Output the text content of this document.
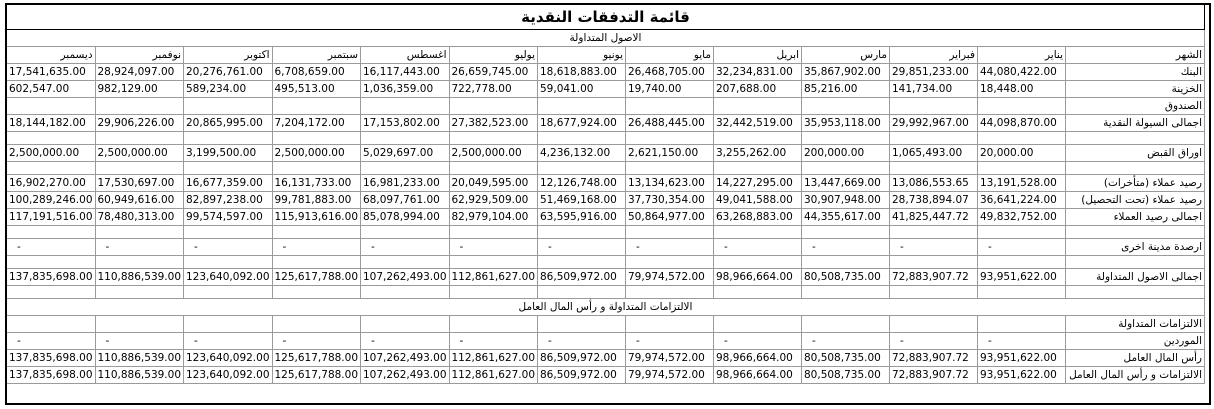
قائمة التدفقات النقدية												
الاصول المتداولة												
الشهر	يناير	فبراير	مارس	ابريل	مايو	يونيو	يوليو	اغسطس	سبتمبر	اكتوبر	نوفمبر	ديسمبر
البنك	44,080,422.00	29,851,233.00	35,867,902.00	32,234,831.00	26,468,705.00	18,618,883.00	26,659,745.00	16,117,443.00	6,708,659.00	20,276,761.00	28,924,097.00	17,541,635.00
الخزينة	18,448.00	141,734.00	85,216.00	207,688.00	19,740.00	59,041.00	722,778.00	1,036,359.00	495,513.00	589,234.00	982,129.00	602,547.00
الصندوق												
اجمالى السيولة النقدية	44,098,870.00	29,992,967.00	35,953,118.00	32,442,519.00	26,488,445.00	18,677,924.00	27,382,523.00	17,153,802.00	7,204,172.00	20,865,995.00	29,906,226.00	18,144,182.00

اوراق القبض	20,000.00	1,065,493.00	200,000.00	3,255,262.00	2,621,150.00	4,236,132.00	2,500,000.00	5,029,697.00	2,500,000.00	3,199,500.00	2,500,000.00	2,500,000.00

رصيد عملاء (متأخرات)	13,191,528.00	13,086,553.65	13,447,669.00	14,227,295.00	13,134,623.00	12,126,748.00	20,049,595.00	16,981,233.00	16,131,733.00	16,677,359.00	17,530,697.00	16,902,270.00
رصيد عملاء (تحت التحصيل)	36,641,224.00	28,738,894.07	30,907,948.00	49,041,588.00	37,730,354.00	51,469,168.00	62,929,509.00	68,097,761.00	99,781,883.00	82,897,238.00	60,949,616.00	100,289,246.00
اجمالى رصيد العملاء	49,832,752.00	41,825,447.72	44,355,617.00	63,268,883.00	50,864,977.00	63,595,916.00	82,979,104.00	85,078,994.00	115,913,616.00	99,574,597.00	78,480,313.00	117,191,516.00

ارصدة مدينة اخرى	-	-	-	-	-	-	-	-	-	-	-	-

اجمالى الاصول المتداولة	93,951,622.00	72,883,907.72	80,508,735.00	98,966,664.00	79,974,572.00	86,509,972.00	112,861,627.00	107,262,493.00	125,617,788.00	123,640,092.00	110,886,539.00	137,835,698.00

الالتزامات المتداولة و رأس المال العامل												
الالتزامات المتداولة												
الموردين	-	-	-	-	-	-	-	-	-	-	-	-
رأس المال العامل	93,951,622.00	72,883,907.72	80,508,735.00	98,966,664.00	79,974,572.00	86,509,972.00	112,861,627.00	107,262,493.00	125,617,788.00	123,640,092.00	110,886,539.00	137,835,698.00
الالتزامات و رأس المال العامل	93,951,622.00	72,883,907.72	80,508,735.00	98,966,664.00	79,974,572.00	86,509,972.00	112,861,627.00	107,262,493.00	125,617,788.00	123,640,092.00	110,886,539.00	137,835,698.00
